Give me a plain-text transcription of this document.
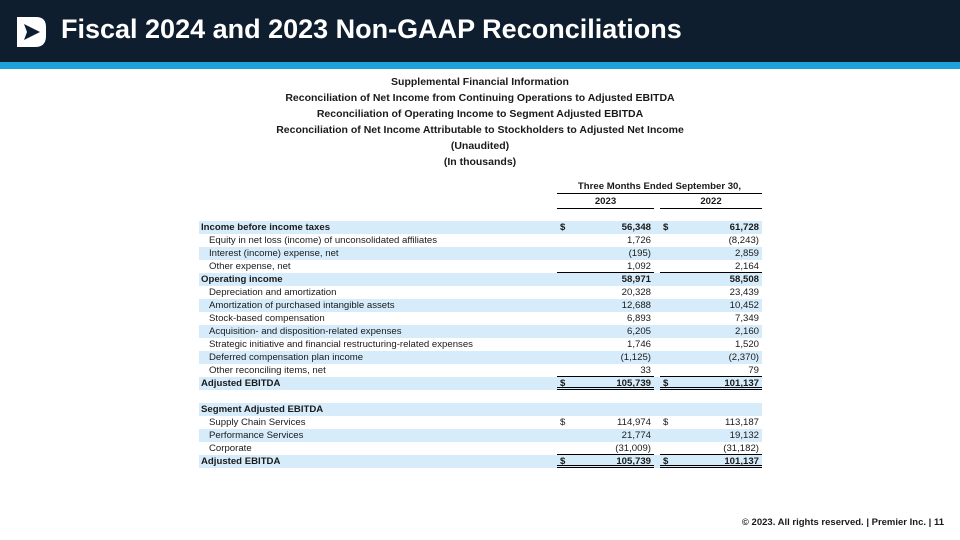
Fiscal 2024 and 2023 Non-GAAP Reconciliations
Supplemental Financial Information
Reconciliation of Net Income from Continuing Operations to Adjusted EBITDA
Reconciliation of Operating Income to Segment Adjusted EBITDA
Reconciliation of Net Income Attributable to Stockholders to Adjusted Net Income
(Unaudited)
(In thousands)
Three Months Ended September 30,
2023	2022
Income before income taxes	$	56,348 $	61,728
Equity in net loss (income) of unconsolidated affiliates	1,726	(8,243)
Interest (income) expense, net	(195)	2,859
Other expense, net	1,092	2,164
Operating income	58,971	58,508
Depreciation and amortization	20,328	23,439
Amortization of purchased intangible assets	12,688	10,452
Stock-based compensation	6,893	7,349
Acquisition- and disposition-related expenses	6,205	2,160
Strategic initiative and financial restructuring-related expenses	1,746	1,520
Deferred compensation plan income	(1,125)	(2,370)
Other reconciling items, net	33	79
Adjusted EBITDA	$	105,739 $	101,137
Segment Adjusted EBITDA
Supply Chain Services	$	114,974 $	113,187
Performance Services	21,774	19,132
Corporate	(31,009)	(31,182)
Adjusted EBITDA	$	105,739 $	101,137
© 2023. All rights reserved. | Premier Inc. | 11
